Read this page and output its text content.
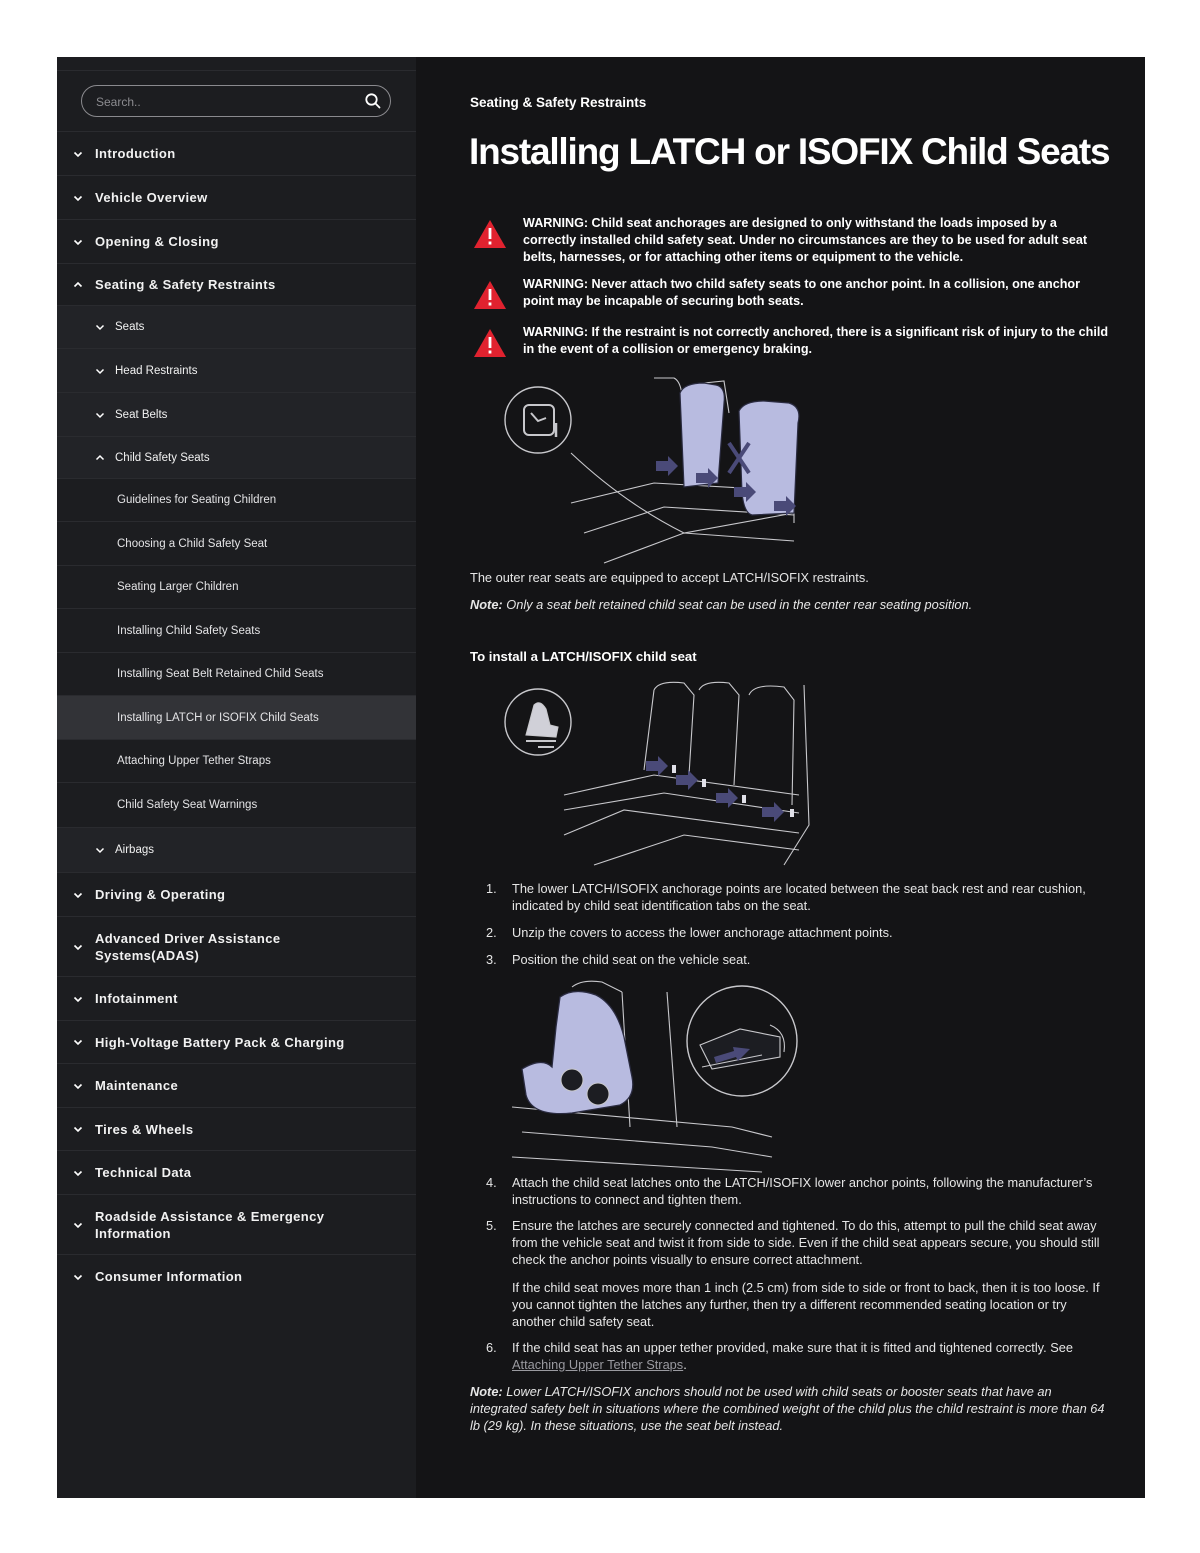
Search..
Introduction
Vehicle Overview
Opening & Closing
Seating & Safety Restraints
Seats
Head Restraints
Seat Belts
Child Safety Seats
Guidelines for Seating Children
Choosing a Child Safety Seat
Seating Larger Children
Installing Child Safety Seats
Installing Seat Belt Retained Child Seats
Installing LATCH or ISOFIX Child Seats
Attaching Upper Tether Straps
Child Safety Seat Warnings
Airbags
Driving & Operating
Advanced Driver Assistance Systems(ADAS)
Infotainment
High-Voltage Battery Pack & Charging
Maintenance
Tires & Wheels
Technical Data
Roadside Assistance & Emergency Information
Consumer Information
Seating & Safety Restraints
Installing LATCH or ISOFIX Child Seats
WARNING: Child seat anchorages are designed to only withstand the loads imposed by a correctly installed child safety seat. Under no circumstances are they to be used for adult seat belts, harnesses, or for attaching other items or equipment to the vehicle.
WARNING: Never attach two child safety seats to one anchor point. In a collision, one anchor point may be incapable of securing both seats.
WARNING: If the restraint is not correctly anchored, there is a significant risk of injury to the child in the event of a collision or emergency braking.

The outer rear seats are equipped to accept LATCH/ISOFIX restraints.

Note: Only a seat belt retained child seat can be used in the center rear seating position.

To install a LATCH/ISOFIX child seat
1. The lower LATCH/ISOFIX anchorage points are located between the seat back rest and rear cushion, indicated by child seat identification tabs on the seat.
2. Unzip the covers to access the lower anchorage attachment points.
3. Position the child seat on the vehicle seat.
4. Attach the child seat latches onto the LATCH/ISOFIX lower anchor points, following the manufacturer’s instructions to connect and tighten them.
5. Ensure the latches are securely connected and tightened. To do this, attempt to pull the child seat away from the vehicle seat and twist it from side to side. Even if the child seat appears secure, you should still check the anchor points visually to ensure correct attachment.
If the child seat moves more than 1 inch (2.5 cm) from side to side or front to back, then it is too loose. If you cannot tighten the latches any further, then try a different recommended seating location or try another child safety seat.
6. If the child seat has an upper tether provided, make sure that it is fitted and tightened correctly. See
Attaching Upper Tether Straps.

Note: Lower LATCH/ISOFIX anchors should not be used with child seats or booster seats that have an integrated safety belt in situations where the combined weight of the child plus the child restraint is more than 64 lb (29 kg). In these situations, use the seat belt instead.
